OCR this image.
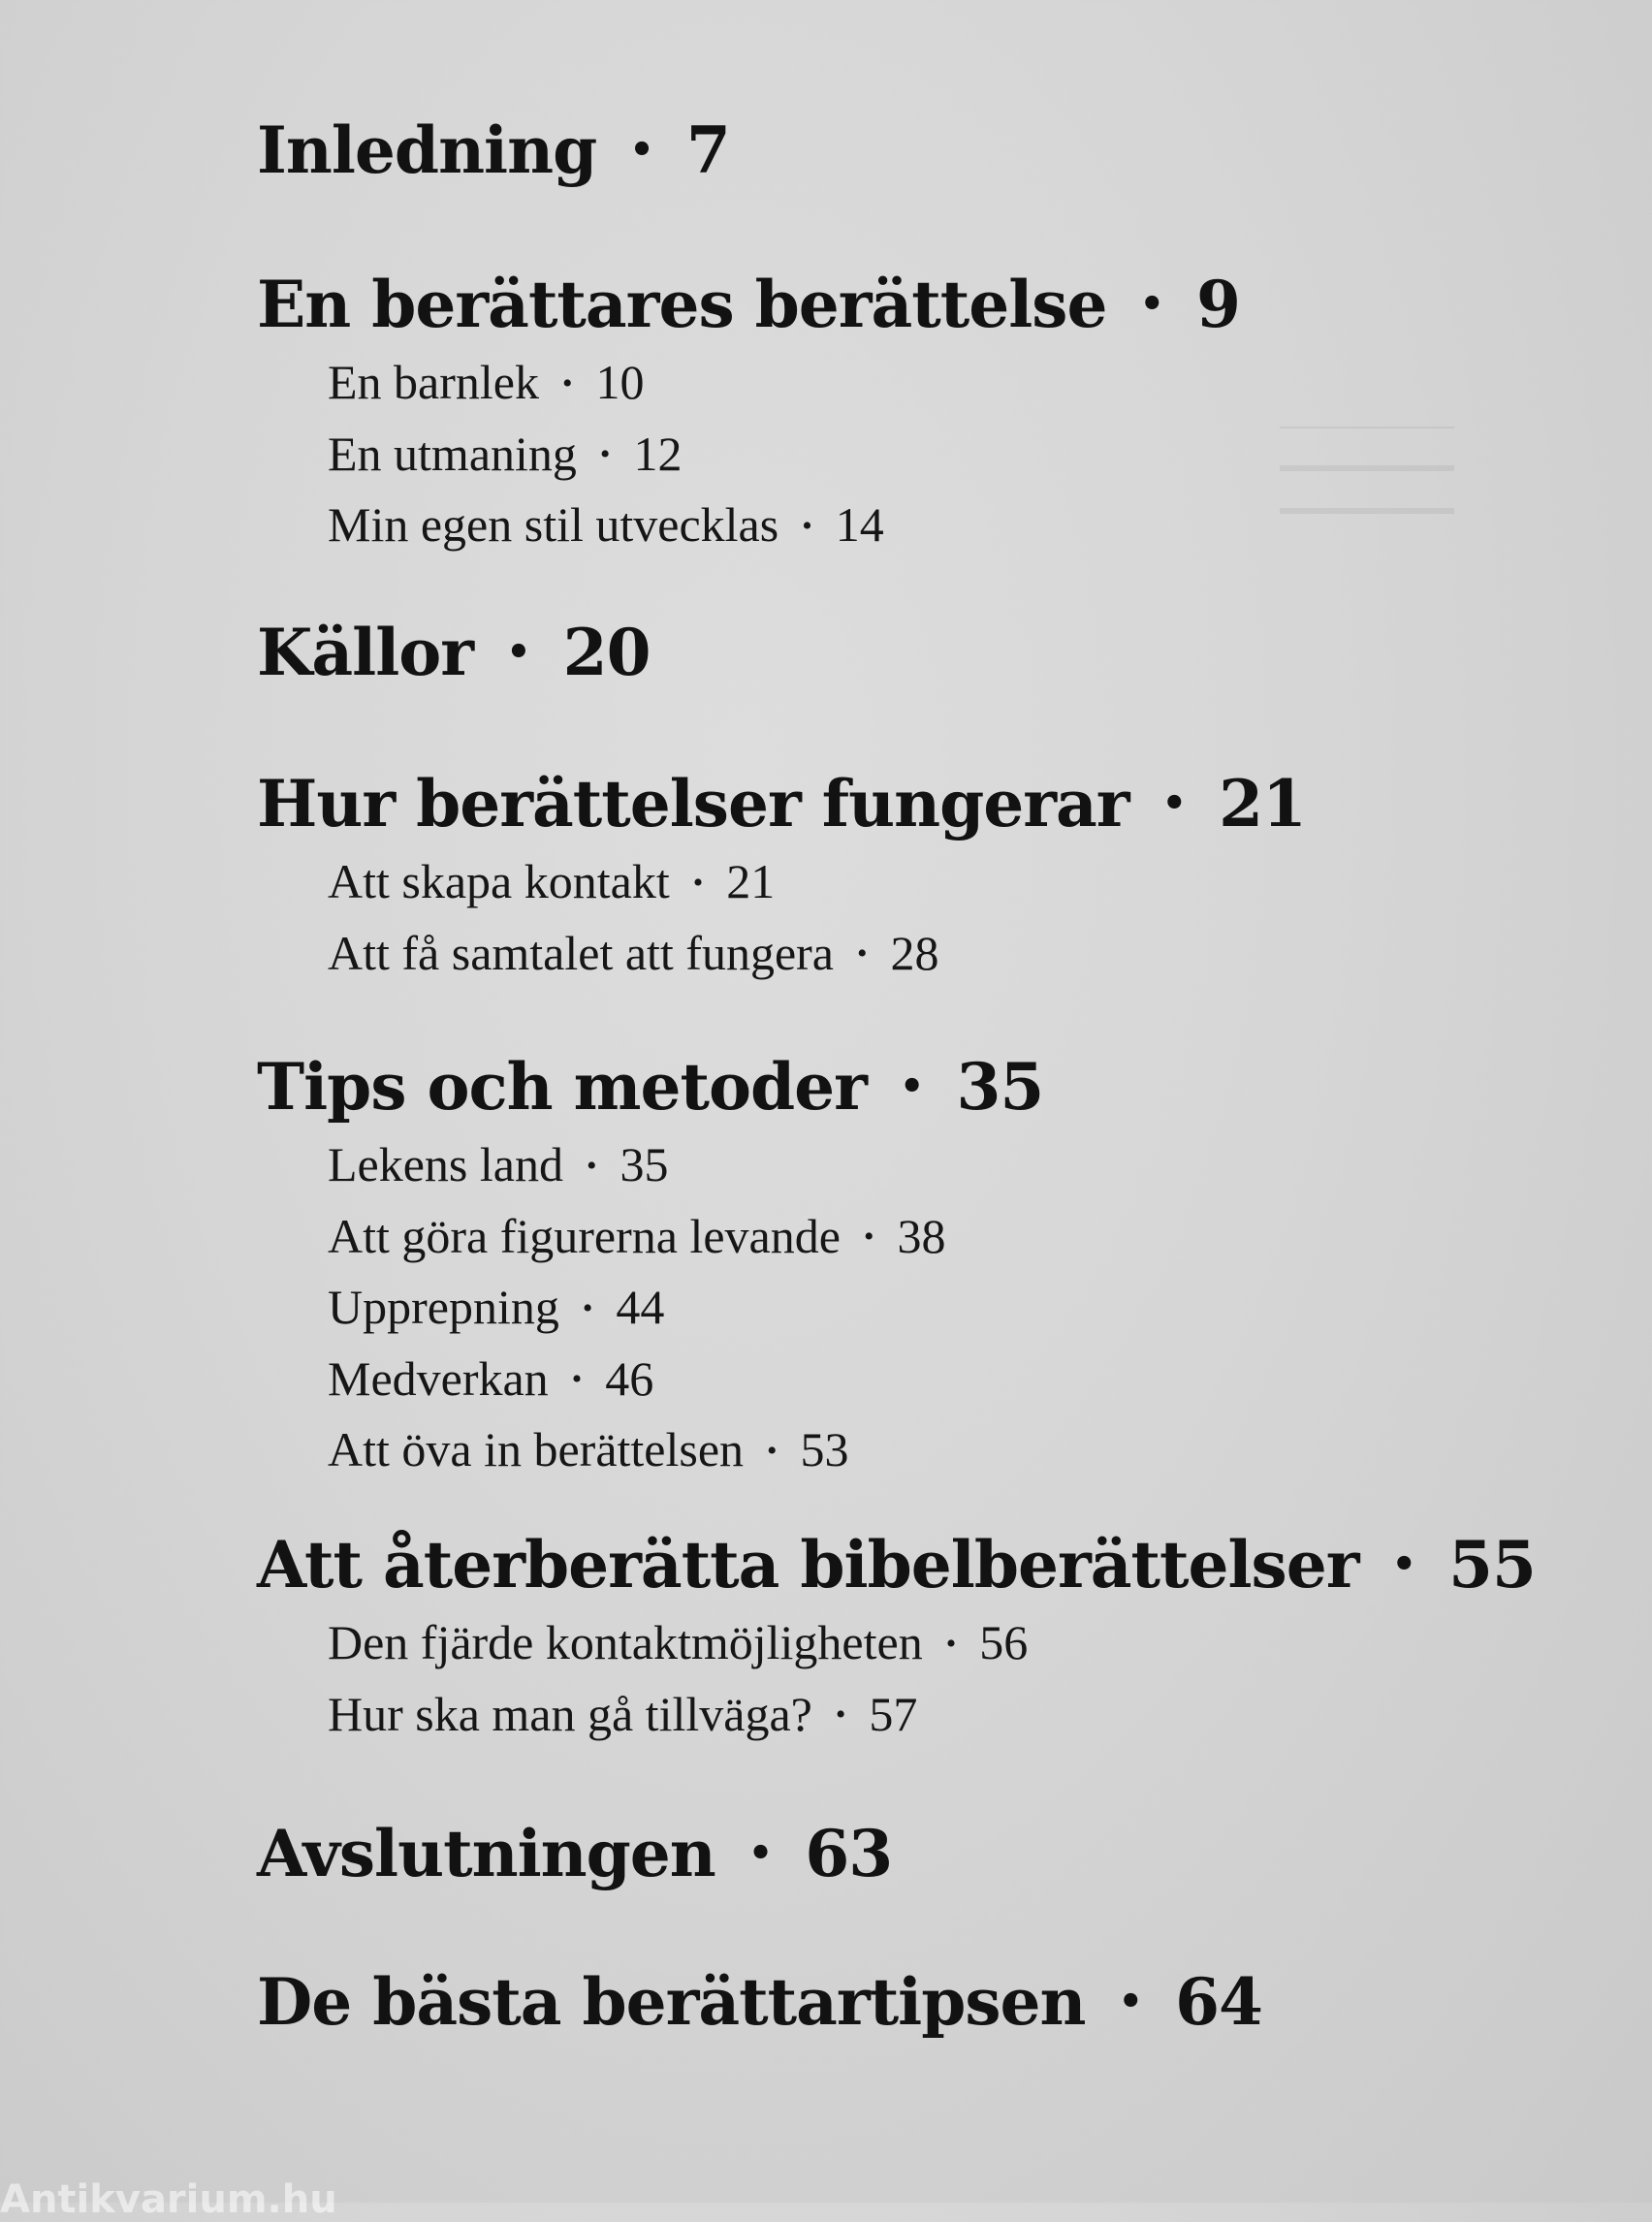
Inledning • 7
En berättares berättelse • 9
En barnlek • 10
En utmaning • 12
Min egen stil utvecklas • 14
Källor • 20
Hur berättelser fungerar • 21
Att skapa kontakt • 21
Att få samtalet att fungera • 28
Tips och metoder • 35
Lekens land • 35
Att göra figurerna levande • 38
Upprepning • 44
Medverkan • 46
Att öva in berättelsen • 53
Att återberätta bibelberättelser • 55
Den fjärde kontaktmöjligheten • 56
Hur ska man gå tillväga? • 57
Avslutningen • 63
De bästa berättartipsen • 64
Antikvarium.hu
